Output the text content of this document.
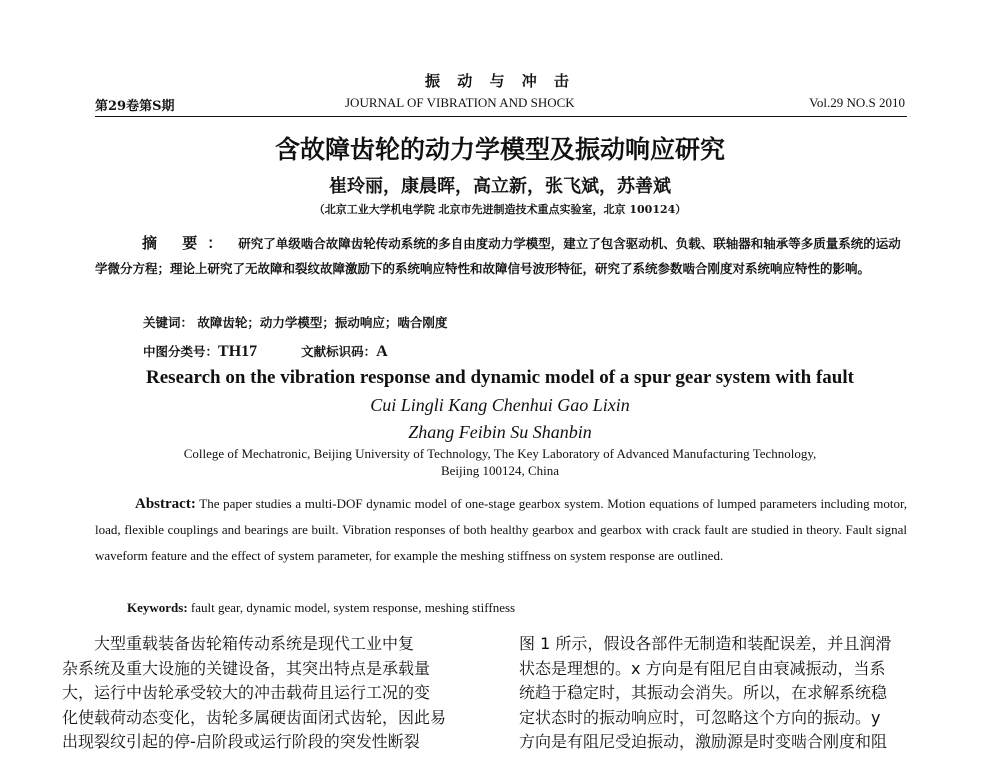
振 动 与 冲 击
第29卷第S期	JOURNAL OF VIBRATION AND SHOCK	Vol.29 NO.S 2010
含故障齿轮的动力学模型及振动响应研究
崔玲丽，康晨晖，高立新，张飞斌，苏善斌
（北京工业大学机电学院 北京市先进制造技术重点实验室，北京 100124）
摘 要： 研究了单级啮合故障齿轮传动系统的多自由度动力学模型，建立了包含驱动机、负载、联轴器和轴承等多质量系统的运动学微分方程；理论上研究了无故障和裂纹故障激励下的系统响应特性和故障信号波形特征，研究了系统参数啮合刚度对系统响应特性的影响。
关键词： 故障齿轮；动力学模型；振动响应；啮合刚度
中图分类号：TH17	文献标识码：A
Research on the vibration response and dynamic model of a spur gear system with fault
Cui Lingli Kang Chenhui Gao Lixin
Zhang Feibin Su Shanbin
College of Mechatronic, Beijing University of Technology, The Key Laboratory of Advanced Manufacturing Technology,
Beijing 100124, China
Abstract: The paper studies a multi-DOF dynamic model of one-stage gearbox system. Motion equations of lumped parameters including motor, load, flexible couplings and bearings are built. Vibration responses of both healthy gearbox and gearbox with crack fault are studied in theory. Fault signal waveform feature and the effect of system parameter, for example the meshing stiffness on system response are outlined.
Keywords: fault gear, dynamic model, system response, meshing stiffness
　　大型重载装备齿轮箱传动系统是现代工业中复
杂系统及重大设施的关键设备，其突出特点是承载量
大，运行中齿轮承受较大的冲击载荷且运行工况的变
化使载荷动态变化，齿轮多属硬齿面闭式齿轮，因此易
出现裂纹引起的停-启阶段或运行阶段的突发性断裂
图 1 所示，假设各部件无制造和装配误差，并且润滑
状态是理想的。x 方向是有阻尼自由衰减振动，当系
统趋于稳定时，其振动会消失。所以，在求解系统稳
定状态时的振动响应时，可忽略这个方向的振动。y
方向是有阻尼受迫振动，激励源是时变啮合刚度和阻
